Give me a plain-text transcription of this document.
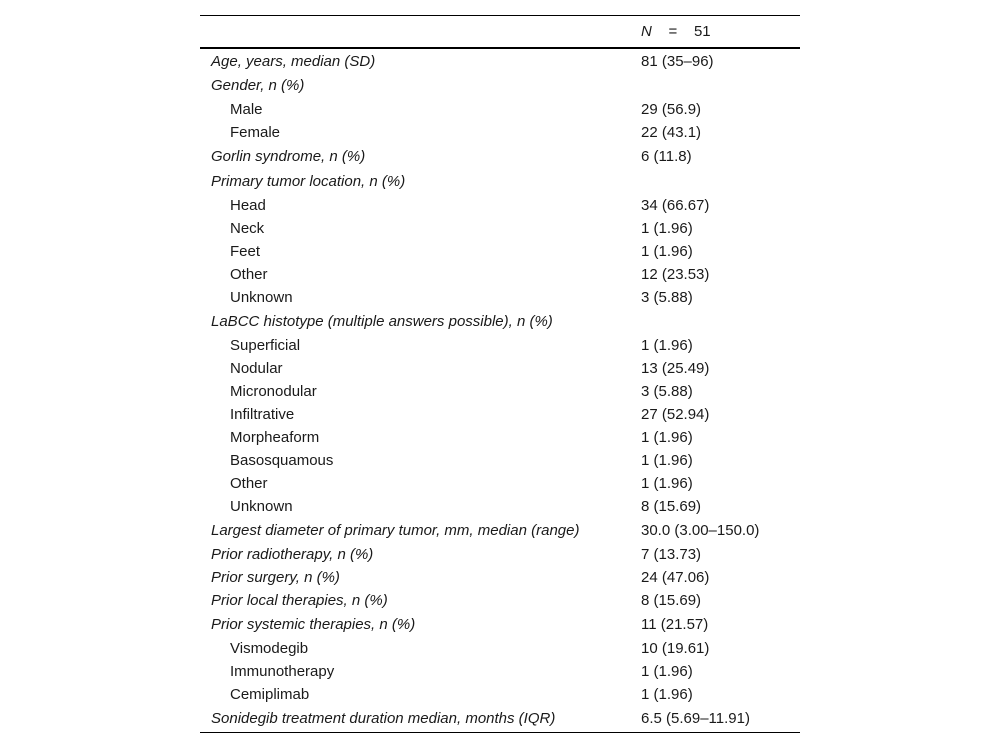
N = 51
Age, years, median (SD)	81 (35–96)
Gender, n (%)
Male	29 (56.9)
Female	22 (43.1)
Gorlin syndrome, n (%)	6 (11.8)
Primary tumor location, n (%)
Head	34 (66.67)
Neck	1 (1.96)
Feet	1 (1.96)
Other	12 (23.53)
Unknown	3 (5.88)
LaBCC histotype (multiple answers possible), n (%)
Superficial	1 (1.96)
Nodular	13 (25.49)
Micronodular	3 (5.88)
Infiltrative	27 (52.94)
Morpheaform	1 (1.96)
Basosquamous	1 (1.96)
Other	1 (1.96)
Unknown	8 (15.69)
Largest diameter of primary tumor, mm, median (range)	30.0 (3.00–150.0)
Prior radiotherapy, n (%)	7 (13.73)
Prior surgery, n (%)	24 (47.06)
Prior local therapies, n (%)	8 (15.69)
Prior systemic therapies, n (%)	11 (21.57)
Vismodegib	10 (19.61)
Immunotherapy	1 (1.96)
Cemiplimab	1 (1.96)
Sonidegib treatment duration median, months (IQR)	6.5 (5.69–11.91)
